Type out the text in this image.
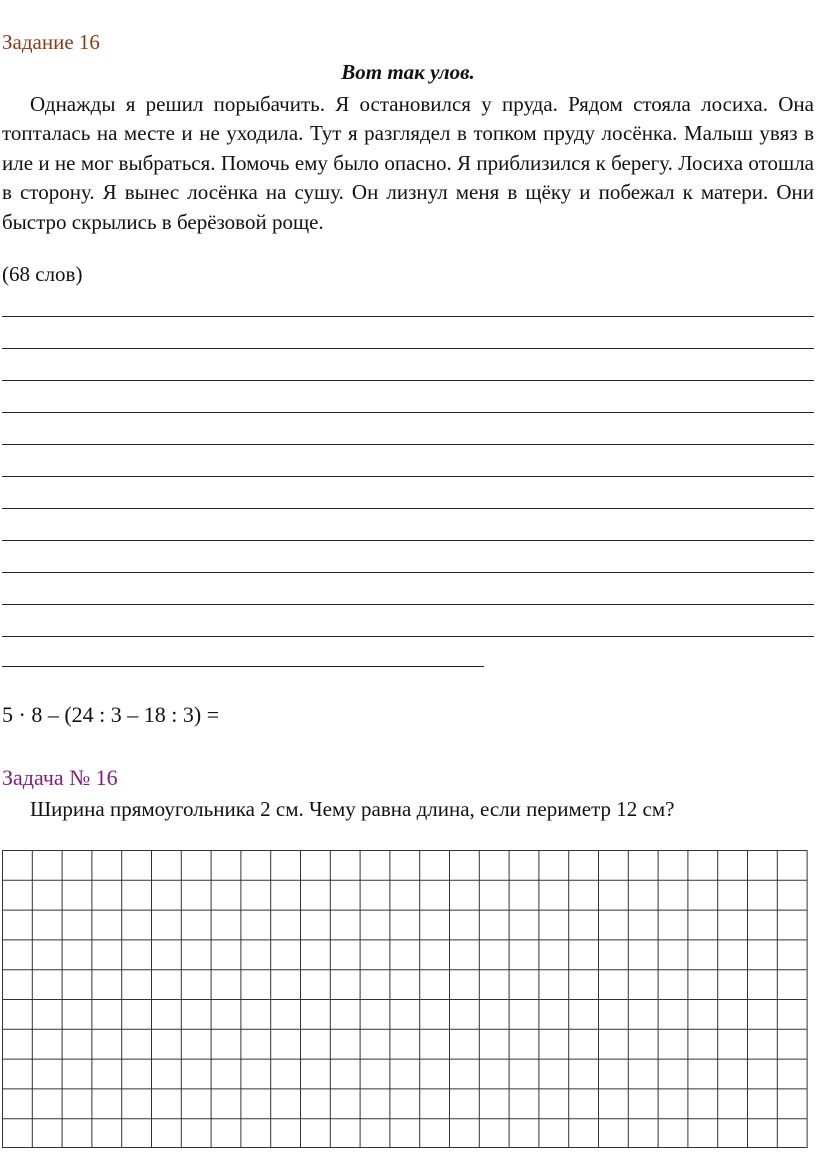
Задание 16
Вот так улов.
Однажды я решил порыбачить. Я остановился у пруда. Рядом стояла лосиха. Она топталась на месте и не уходила. Тут я разглядел в топком пруду лосёнка. Малыш увяз в иле и не мог выбраться. Помочь ему было опасно. Я приблизился к берегу. Лосиха отошла в сторону. Я вынес лосёнка на сушу. Он лизнул меня в щёку и побежал к матери. Они быстро скрылись в берёзовой роще.
(68 слов)
5 · 8 – (24 : 3 – 18 : 3) =
Задача № 16
Ширина прямоугольника 2 см. Чему равна длина, если периметр 12 см?
